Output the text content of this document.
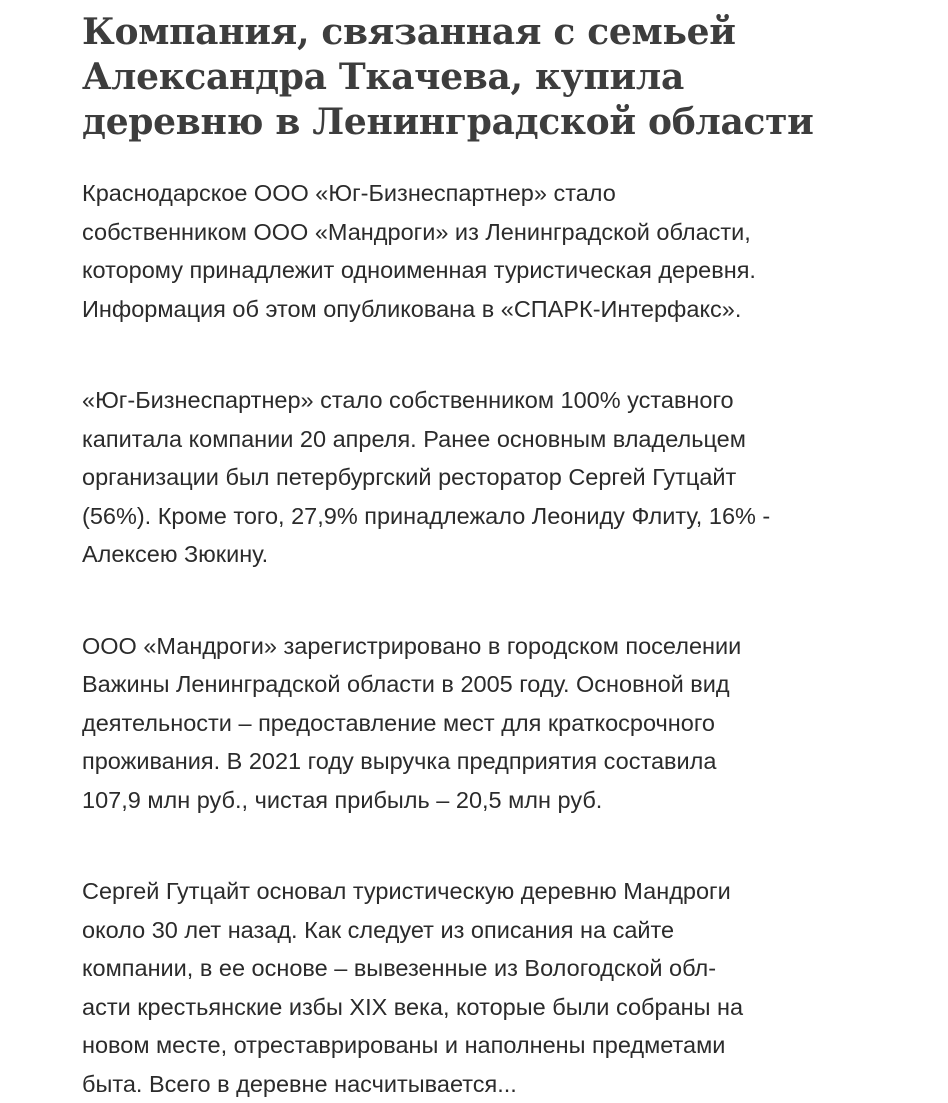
Компания, связанная с семьей
Александра Ткачева, купила
деревню в Ленинградской области

Краснодарское ООО «Юг-Бизнеспартнер» стало
собственником ООО «Мандроги» из Ленинградской области,
которому принадлежит одноименная туристическая деревня.
Информация об этом опубликована в «СПАРК-Интерфакс».

«Юг-Бизнеспартнер» стало собственником 100% уставного
капитала компании 20 апреля. Ранее основным владельцем
организации был петербургский ресторатор Сергей Гутцайт
(56%). Кроме того, 27,9% принадлежало Леониду Флиту, 16% -
Алексею Зюкину.

ООО «Мандроги» зарегистрировано в городском поселении
Важины Ленинградской области в 2005 году. Основной вид
деятельности – предоставление мест для краткосрочного
проживания. В 2021 году выручка предприятия составила
107,9 млн руб., чистая прибыль – 20,5 млн руб.

Сергей Гутцайт основал туристическую деревню Мандроги
около 30 лет назад. Как следует из описания на сайте
компании, в ее основе – вывезенные из Вологодской обл-
асти крестьянские избы XIX века, которые были собраны на
новом месте, отреставрированы и наполнены предметами
быта. Всего в деревне насчитывается...
